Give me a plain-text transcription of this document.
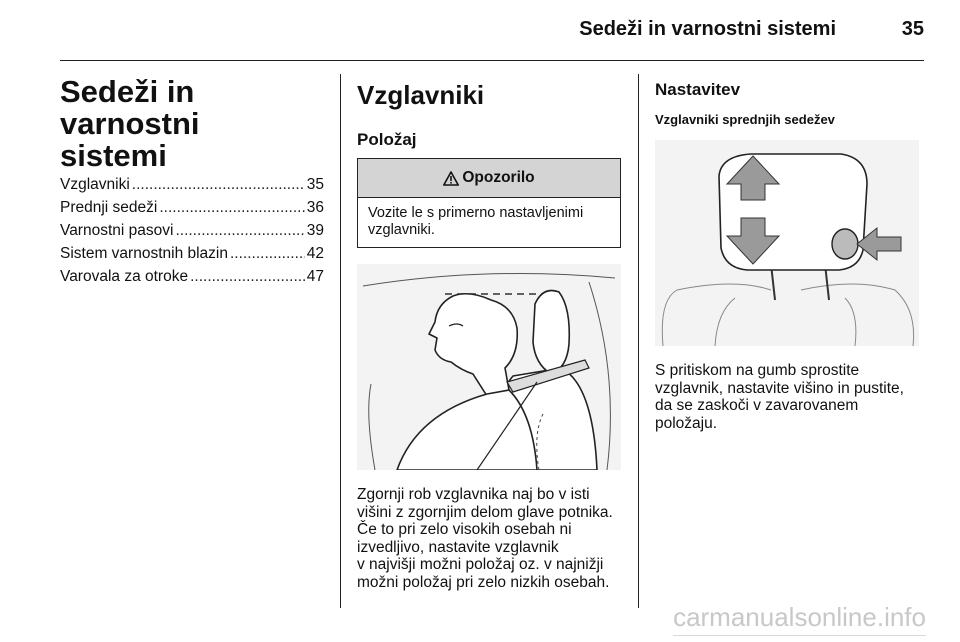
Sedeži in varnostni sistemi	35
Sedeži in varnostni
sistemi
Vzglavniki .....	35
Prednji sedeži .....	36
Varnostni pasovi .....	39
Sistem varnostnih blazin .....	42
Varovala za otroke .....	47
Vzglavniki
Položaj
Opozorilo
Vozite le s primerno nastavljenimi vzglavniki.
Zgornji rob vzglavnika naj bo v isti
višini z zgornjim delom glave potnika.
Če to pri zelo visokih osebah ni
izvedljivo, nastavite vzglavnik
v najvišji možni položaj oz. v najnižji
možni položaj pri zelo nizkih osebah.
Nastavitev
Vzglavniki sprednjih sedežev
S pritiskom na gumb sprostite
vzglavnik, nastavite višino in pustite,
da se zaskoči v zavarovanem
položaju.
carmanualsonline.info
